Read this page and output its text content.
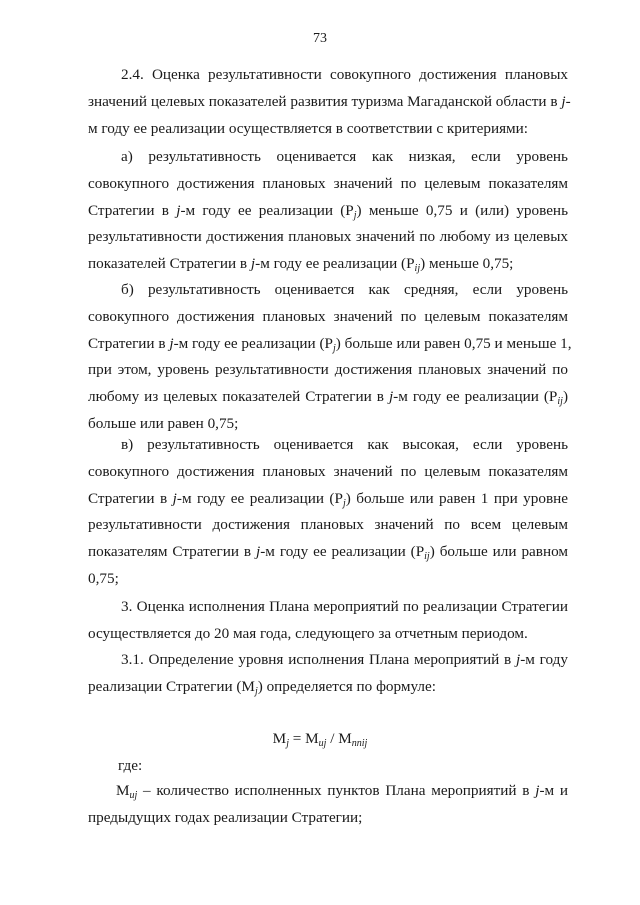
73
2.4. Оценка результативности совокупного достижения плановых
значений целевых показателей развития туризма Магаданской области в j-
м году ее реализации осуществляется в соответствии с критериями:
а) результативность оценивается как низкая, если уровень
совокупного достижения плановых значений по целевым показателям
Стратегии в j-м году ее реализации $(P_j)$ меньше 0,75 и (или) уровень
результативности достижения плановых значений по любому из целевых
показателей Стратегии в j-м году ее реализации $(P_{ij})$ меньше 0,75;
б) результативность оценивается как средняя, если уровень
совокупного достижения плановых значений по целевым показателям
Стратегии в j-м году ее реализации $(P_j)$ больше или равен 0,75 и меньше 1,
при этом, уровень результативности достижения плановых значений по
любому из целевых показателей Стратегии в j-м году ее реализации $(P_{ij})$
больше или равен 0,75;
в) результативность оценивается как высокая, если уровень
совокупного достижения плановых значений по целевым показателям
Стратегии в j-м году ее реализации $(P_j)$ больше или равен 1 при уровне
результативности достижения плановых значений по всем целевым
показателям Стратегии в j-м году ее реализации $(P_{ij})$ больше или равном
0,75;
3. Оценка исполнения Плана мероприятий по реализации Стратегии
осуществляется до 20 мая года, следующего за отчетным периодом.
3.1. Определение уровня исполнения Плана мероприятий в j-м году
реализации Стратегии $(M_j)$ определяется по формуле:
$M_j = M_{иj} / M_{ппij}$
где:
$M_{иj}$ – количество исполненных пунктов Плана мероприятий в j-м и
предыдущих годах реализации Стратегии;
